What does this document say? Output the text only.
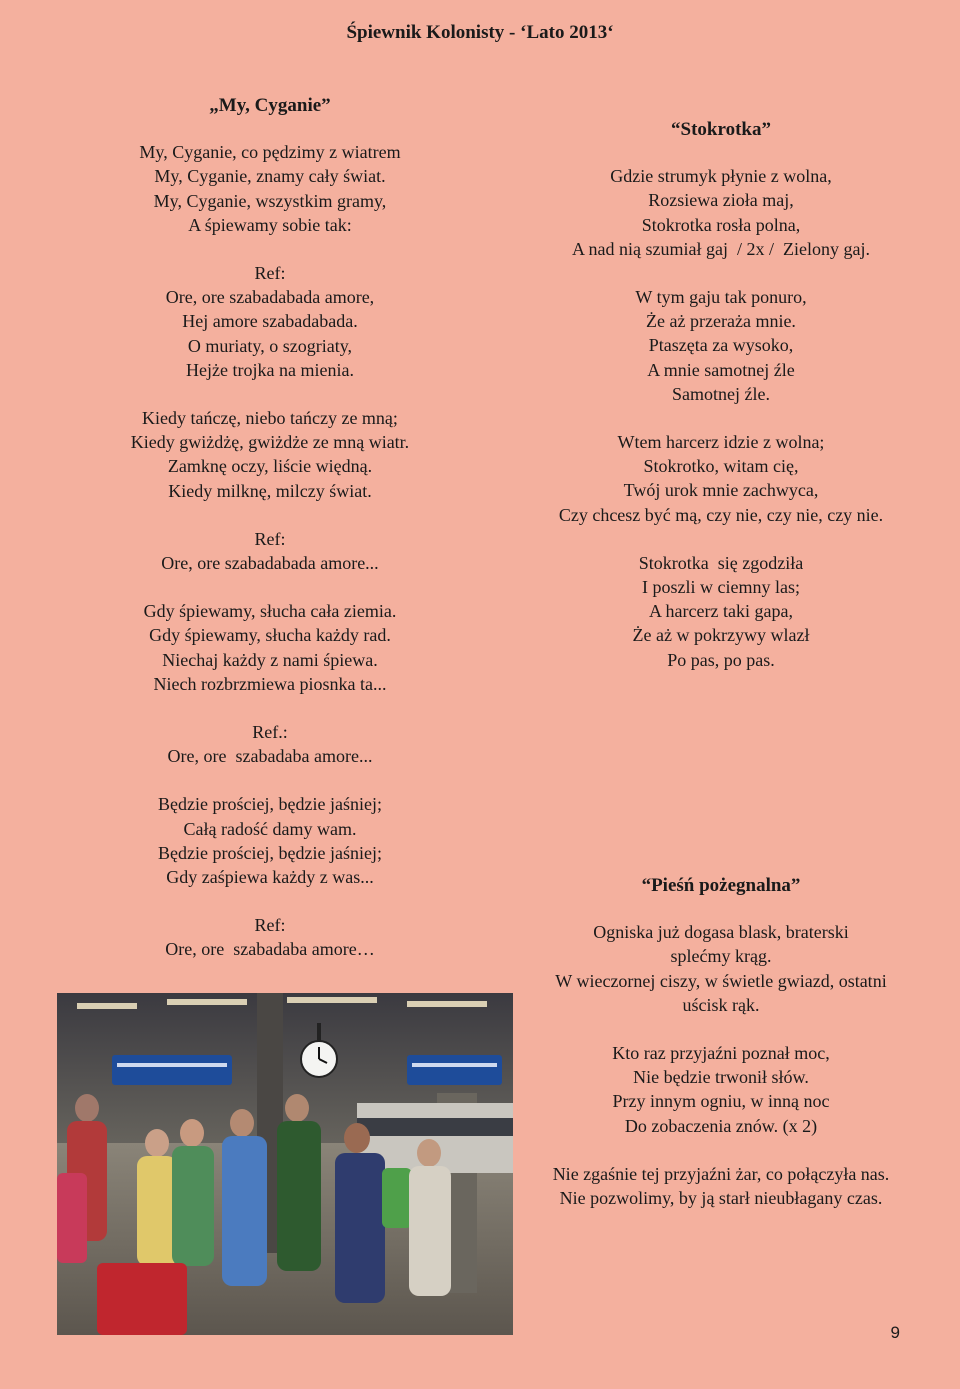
Śpiewnik Kolonisty - ‘Lato 2013‘
„My, Cyganie”
My, Cyganie, co pędzimy z wiatrem
My, Cyganie, znamy cały świat.
My, Cyganie, wszystkim gramy,
A śpiewamy sobie tak:
Ref:
Ore, ore szabadabada amore,
Hej amore szabadabada.
O muriaty, o szogriaty,
Hejże trojka na mienia.
Kiedy tańczę, niebo tańczy ze mną;
Kiedy gwiżdżę, gwiżdże ze mną wiatr.
Zamknę oczy, liście więdną.
Kiedy milknę, milczy świat.
Ref:
Ore, ore szabadabada amore...
Gdy śpiewamy, słucha cała ziemia.
Gdy śpiewamy, słucha każdy rad.
Niechaj każdy z nami śpiewa.
Niech rozbrzmiewa piosnka ta...
Ref.:
Ore, ore  szabadaba amore...
Będzie prościej, będzie jaśniej;
Całą radość damy wam.
Będzie prościej, będzie jaśniej;
Gdy zaśpiewa każdy z was...
Ref:
Ore, ore  szabadaba amore…
“Stokrotka”
Gdzie strumyk płynie z wolna,
Rozsiewa zioła maj,
Stokrotka rosła polna,
A nad nią szumiał gaj  / 2x /  Zielony gaj.
W tym gaju tak ponuro,
Że aż przeraża mnie.
Ptaszęta za wysoko,
A mnie samotnej źle
Samotnej źle.
Wtem harcerz idzie z wolna;
Stokrotko, witam cię,
Twój urok mnie zachwyca,
Czy chcesz być mą, czy nie, czy nie, czy nie.
Stokrotka  się zgodziła
I poszli w ciemny las;
A harcerz taki gapa,
Że aż w pokrzywy wlazł
Po pas, po pas.
“Pieśń pożegnalna”
Ogniska już dogasa blask, braterski splećmy krąg.
W wieczornej ciszy, w świetle gwiazd, ostatni uścisk rąk.
Kto raz przyjaźni poznał moc,
Nie będzie trwonił słów.
Przy innym ogniu, w inną noc
Do zobaczenia znów. (x 2)
Nie zgaśnie tej przyjaźni żar, co połączyła nas.
Nie pozwolimy, by ją starł nieubłagany czas.
9
